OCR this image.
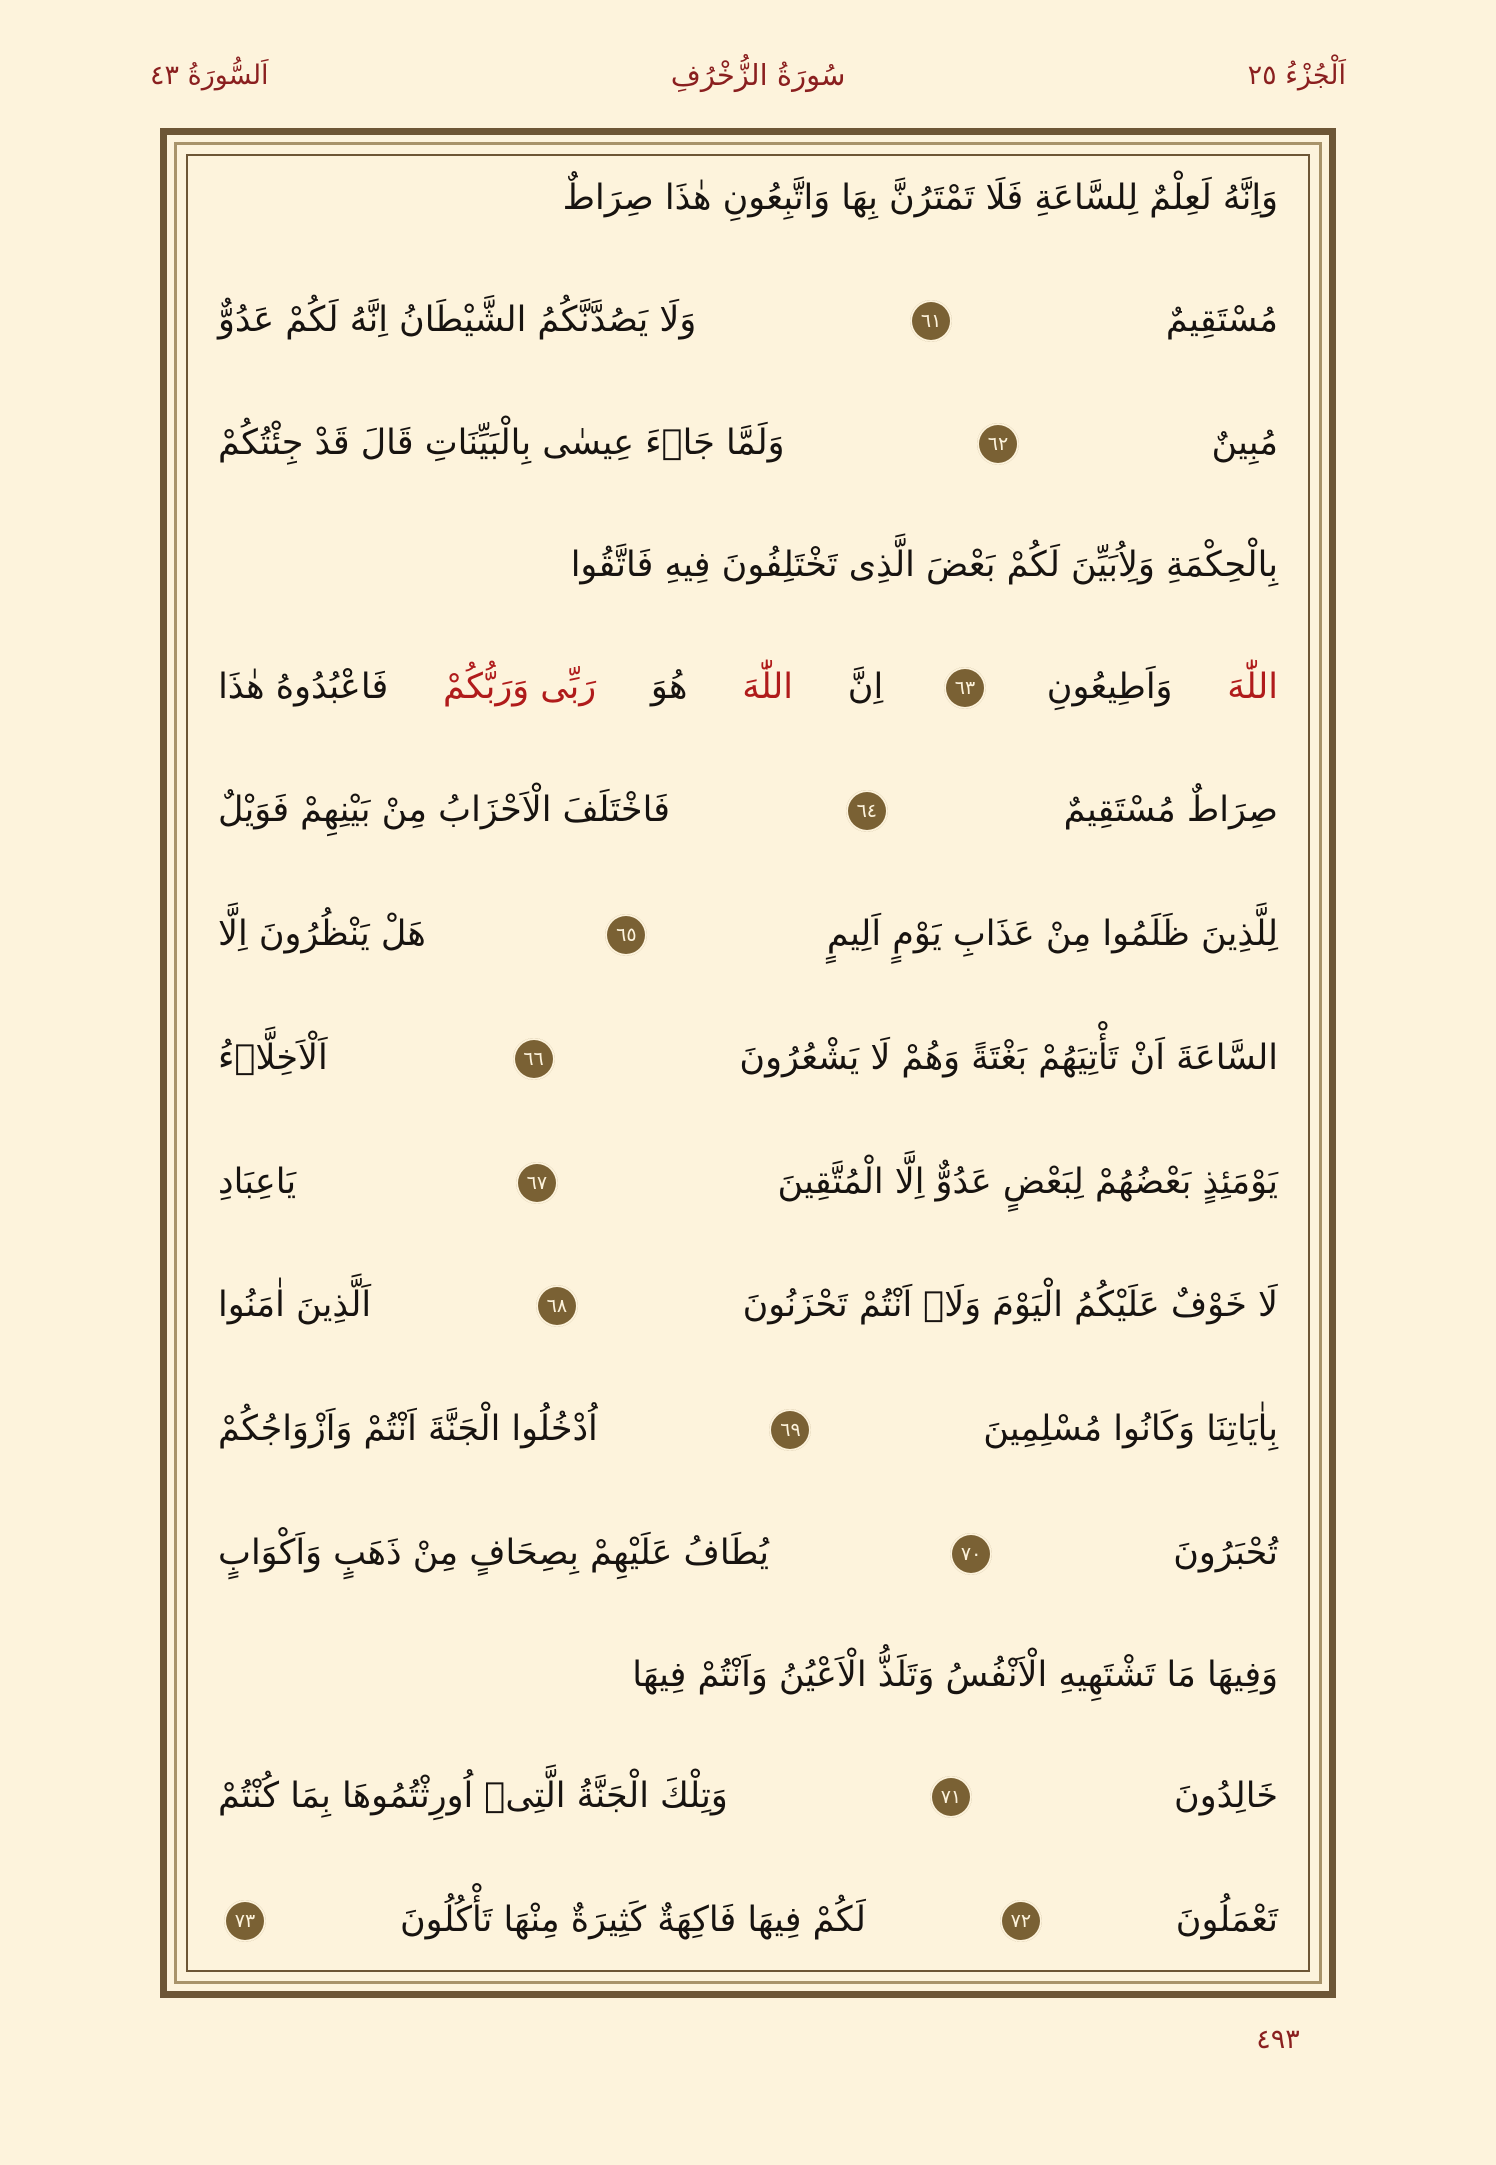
اَلْجُزْءُ ٢٥
سُورَةُ الزُّخْرُفِ
اَلسُّورَةُ ٤٣
وَاِنَّهُ لَعِلْمٌ لِلسَّاعَةِ فَلَا تَمْتَرُنَّ بِهَا وَاتَّبِعُونِ هٰذَا صِرَاطٌ
مُسْتَقِيمٌ
٦١
وَلَا يَصُدَّنَّكُمُ الشَّيْطَانُ اِنَّهُ لَكُمْ عَدُوٌّ
مُبِينٌ
٦٢
وَلَمَّا جَاۤءَ عِيسٰى بِالْبَيِّنَاتِ قَالَ قَدْ جِئْتُكُمْ
بِالْحِكْمَةِ وَلِاُبَيِّنَ لَكُمْ بَعْضَ الَّذِى تَخْتَلِفُونَ فِيهِ فَاتَّقُوا
اللّٰهَ
وَاَطِيعُونِ
٦٣
اِنَّ
اللّٰهَ
هُوَ
رَبِّى وَرَبُّكُمْ
فَاعْبُدُوهُ هٰذَا
صِرَاطٌ مُسْتَقِيمٌ
٦٤
فَاخْتَلَفَ الْاَحْزَابُ مِنْ بَيْنِهِمْ فَوَيْلٌ
لِلَّذِينَ ظَلَمُوا مِنْ عَذَابِ يَوْمٍ اَلِيمٍ
٦٥
هَلْ يَنْظُرُونَ اِلَّا
السَّاعَةَ اَنْ تَأْتِيَهُمْ بَغْتَةً وَهُمْ لَا يَشْعُرُونَ
٦٦
اَلْاَخِلَّاۤءُ
يَوْمَئِذٍ بَعْضُهُمْ لِبَعْضٍ عَدُوٌّ اِلَّا الْمُتَّقِينَ
٦٧
يَاعِبَادِ
لَا خَوْفٌ عَلَيْكُمُ الْيَوْمَ وَلَاۤ اَنْتُمْ تَحْزَنُونَ
٦٨
اَلَّذِينَ اٰمَنُوا
بِاٰيَاتِنَا وَكَانُوا مُسْلِمِينَ
٦٩
اُدْخُلُوا الْجَنَّةَ اَنْتُمْ وَاَزْوَاجُكُمْ
تُحْبَرُونَ
٧٠
يُطَافُ عَلَيْهِمْ بِصِحَافٍ مِنْ ذَهَبٍ وَاَكْوَابٍ
وَفِيهَا مَا تَشْتَهِيهِ الْاَنْفُسُ وَتَلَذُّ الْاَعْيُنُ وَاَنْتُمْ فِيهَا
خَالِدُونَ
٧١
وَتِلْكَ الْجَنَّةُ الَّتِىۤ اُورِثْتُمُوهَا بِمَا كُنْتُمْ
تَعْمَلُونَ
٧٢
لَكُمْ فِيهَا فَاكِهَةٌ كَثِيرَةٌ مِنْهَا تَأْكُلُونَ
٧٣
٤٩٣
